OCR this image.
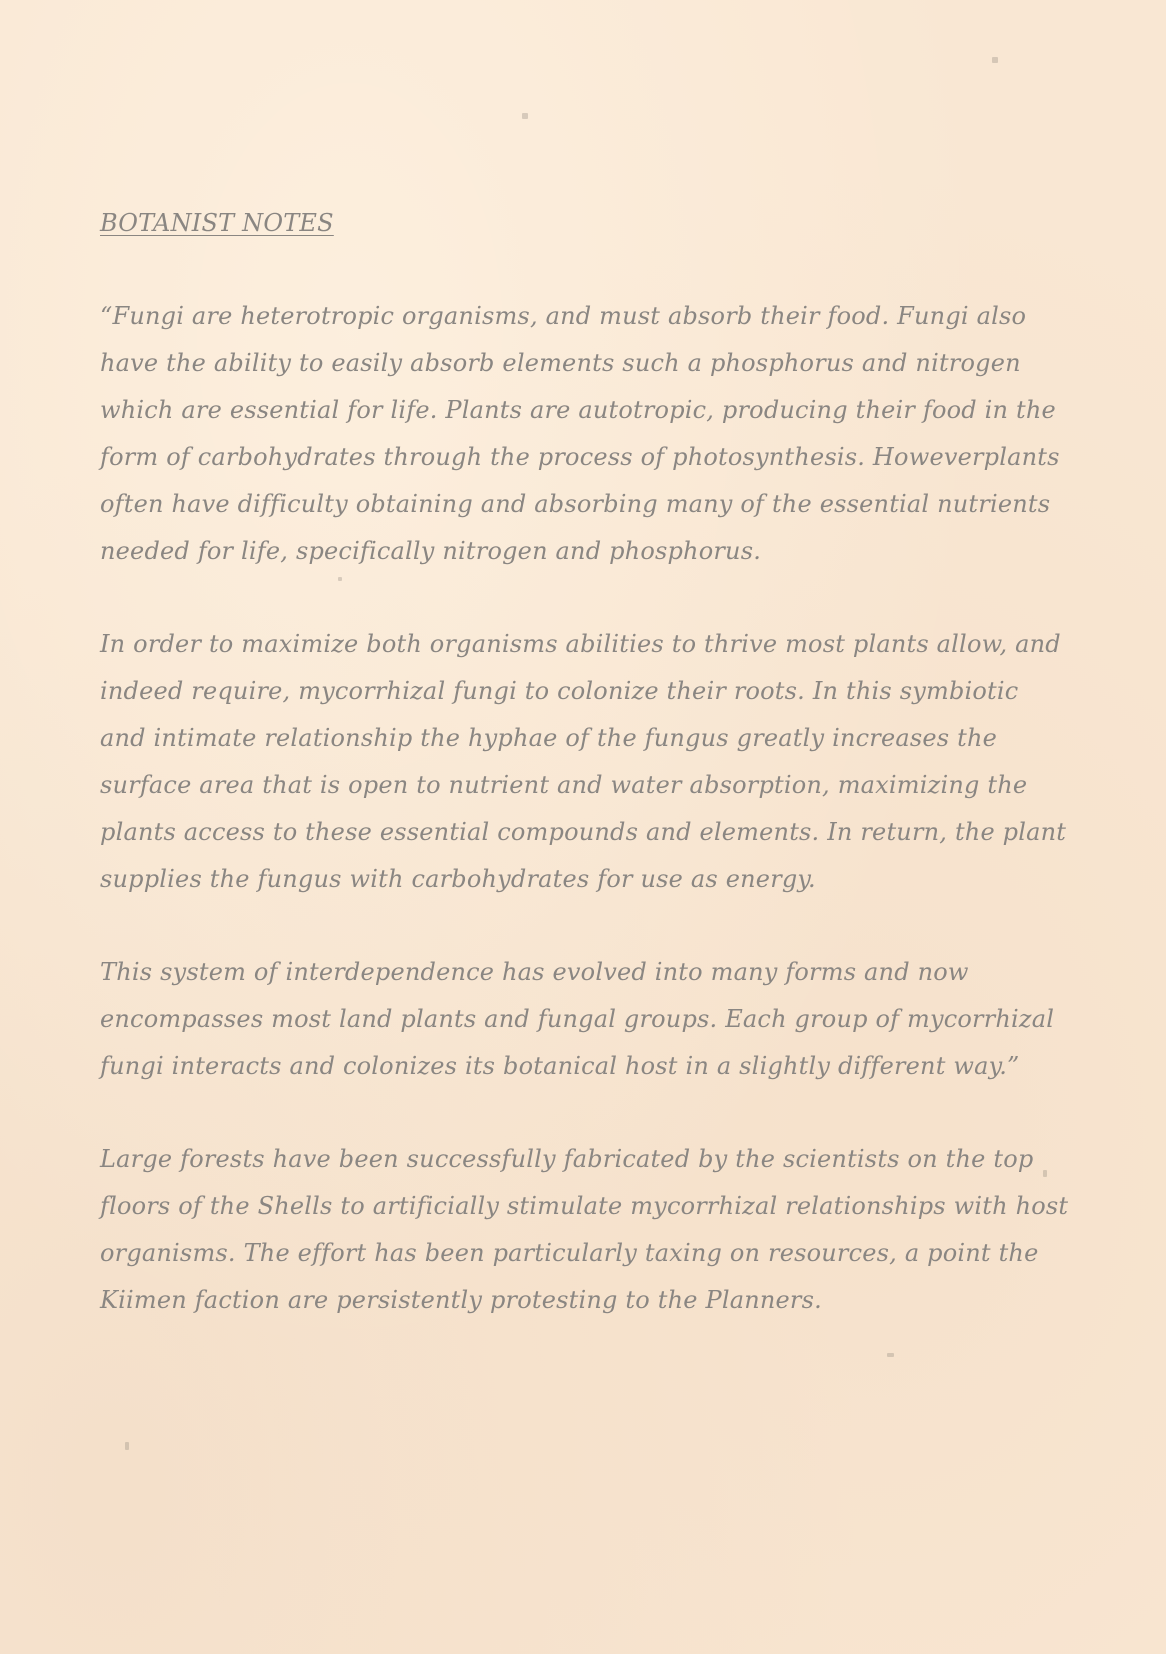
BOTANIST NOTES

“Fungi are heterotropic organisms, and must absorb their food. Fungi also have the ability to easily absorb elements such a phosphorus and nitrogen which are essential for life. Plants are autotropic, producing their food in the form of carbohydrates through the process of photosynthesis. Howeverplants often have difficulty obtaining and absorbing many of the essential nutrients needed for life, specifically nitrogen and phosphorus.

In order to maximize both organisms abilities to thrive most plants allow, and indeed require, mycorrhizal fungi to colonize their roots. In this symbiotic and intimate relationship the hyphae of the fungus greatly increases the surface area that is open to nutrient and water absorption, maximizing the plants access to these essential compounds and elements. In return, the plant supplies the fungus with carbohydrates for use as energy.

This system of interdependence has evolved into many forms and now encompasses most land plants and fungal groups. Each group of mycorrhizal fungi interacts and colonizes its botanical host in a slightly different way.”

Large forests have been successfully fabricated by the scientists on the top floors of the Shells to artificially stimulate mycorrhizal relationships with host organisms. The effort has been particularly taxing on resources, a point the Kiimen faction are persistently protesting to the Planners.
